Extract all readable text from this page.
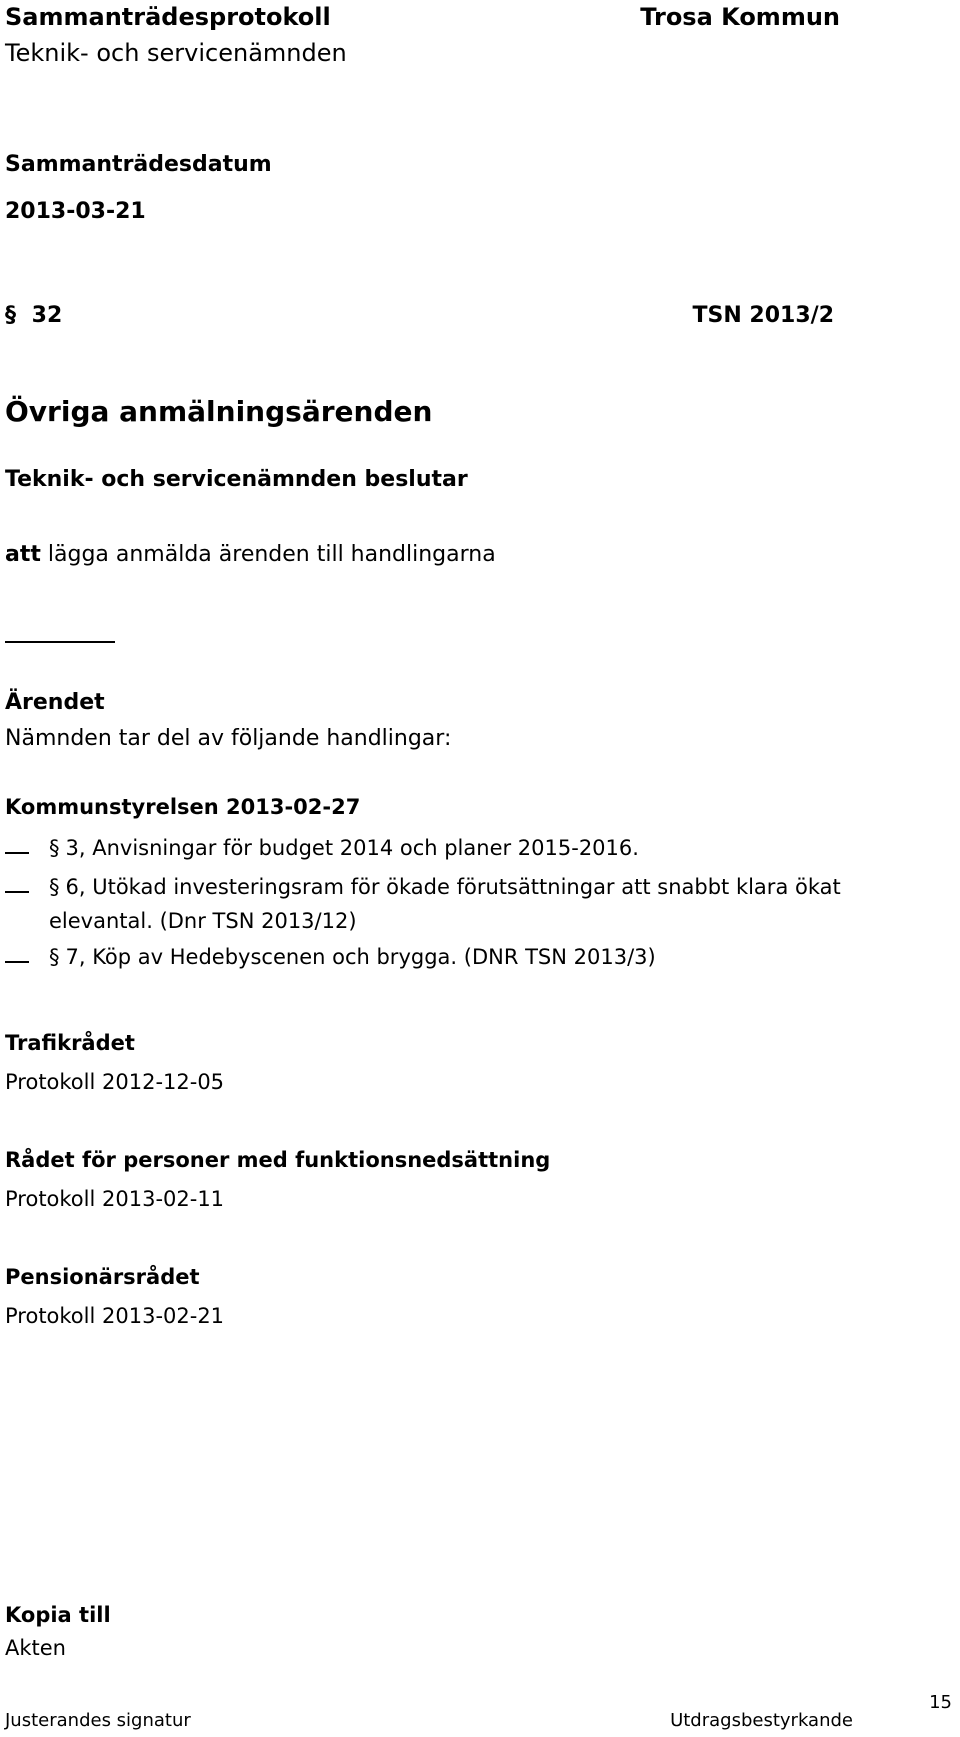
Sammanträdesprotokoll	Trosa Kommun
Teknik- och servicenämnden
Sammanträdesdatum
2013-03-21
§ 32	TSN 2013/2
Övriga anmälningsärenden
Teknik- och servicenämnden beslutar
att lägga anmälda ärenden till handlingarna
Ärendet
Nämnden tar del av följande handlingar:
Kommunstyrelsen 2013-02-27
§ 3, Anvisningar för budget 2014 och planer 2015-2016.
§ 6, Utökad investeringsram för ökade förutsättningar att snabbt klara ökat
elevantal. (Dnr TSN 2013/12)
§ 7, Köp av Hedebyscenen och brygga. (DNR TSN 2013/3)
Trafikrådet
Protokoll 2012-12-05
Rådet för personer med funktionsnedsättning
Protokoll 2013-02-11
Pensionärsrådet
Protokoll 2013-02-21
Kopia till
Akten
Justerandes signatur	Utdragsbestyrkande
15
